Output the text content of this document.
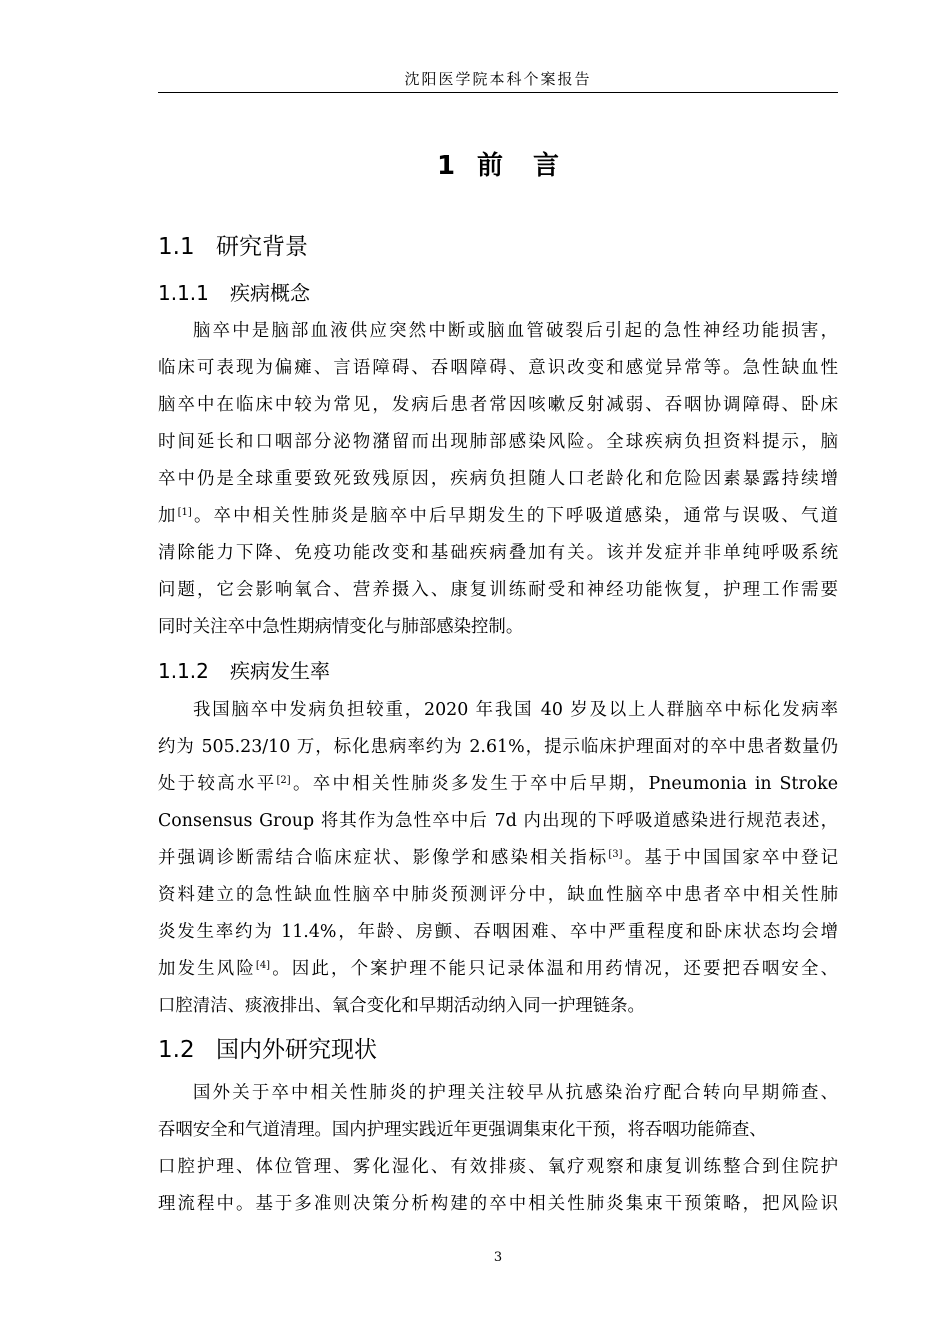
沈阳医学院本科个案报告
1 前 言
1.1 研究背景
1.1.1 疾病概念
脑卒中是脑部血液供应突然中断或脑血管破裂后引起的急性神经功能损害，
临床可表现为偏瘫、言语障碍、吞咽障碍、意识改变和感觉异常等。急性缺血性
脑卒中在临床中较为常见，发病后患者常因咳嗽反射减弱、吞咽协调障碍、卧床
时间延长和口咽部分泌物潴留而出现肺部感染风险。全球疾病负担资料提示，脑
卒中仍是全球重要致死致残原因，疾病负担随人口老龄化和危险因素暴露持续增
加[1]。卒中相关性肺炎是脑卒中后早期发生的下呼吸道感染，通常与误吸、气道
清除能力下降、免疫功能改变和基础疾病叠加有关。该并发症并非单纯呼吸系统
问题，它会影响氧合、营养摄入、康复训练耐受和神经功能恢复，护理工作需要
同时关注卒中急性期病情变化与肺部感染控制。
1.1.2 疾病发生率
我国脑卒中发病负担较重，2020 年我国 40 岁及以上人群脑卒中标化发病率
约为 505.23/10 万，标化患病率约为 2.61%，提示临床护理面对的卒中患者数量仍
处于较高水平[2]。卒中相关性肺炎多发生于卒中后早期，Pneumonia in Stroke
Consensus Group 将其作为急性卒中后 7d 内出现的下呼吸道感染进行规范表述，
并强调诊断需结合临床症状、影像学和感染相关指标[3]。基于中国国家卒中登记
资料建立的急性缺血性脑卒中肺炎预测评分中，缺血性脑卒中患者卒中相关性肺
炎发生率约为 11.4%，年龄、房颤、吞咽困难、卒中严重程度和卧床状态均会增
加发生风险[4]。因此，个案护理不能只记录体温和用药情况，还要把吞咽安全、
口腔清洁、痰液排出、氧合变化和早期活动纳入同一护理链条。
1.2 国内外研究现状
国外关于卒中相关性肺炎的护理关注较早从抗感染治疗配合转向早期筛查、
吞咽安全和气道清理。国内护理实践近年更强调集束化干预，将吞咽功能筛查、
口腔护理、体位管理、雾化湿化、有效排痰、氧疗观察和康复训练整合到住院护
理流程中。基于多准则决策分析构建的卒中相关性肺炎集束干预策略，把风险识
3
